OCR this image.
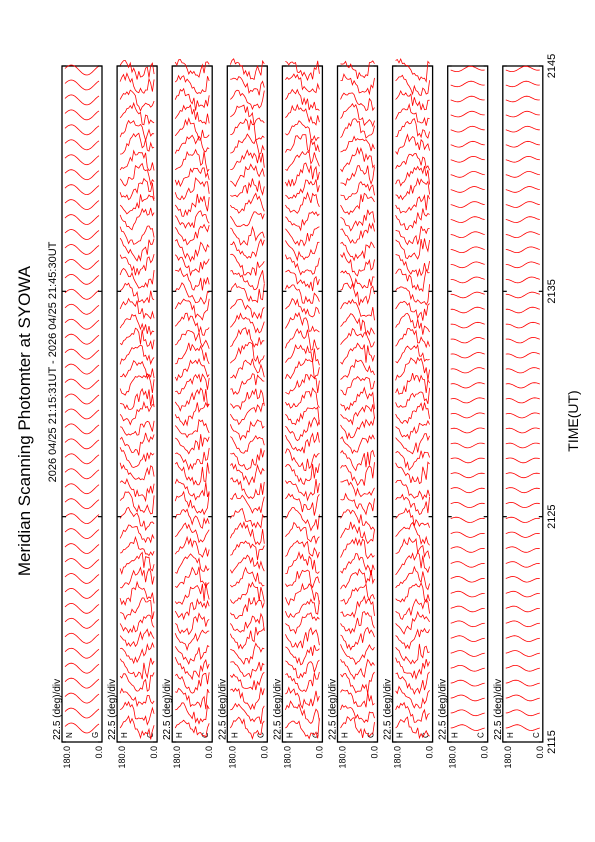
Meridian Scanning Photomter at SYOWA 2026 04/25 21:15:31UT - 2026 04/25 21:45:30UT	TIME(UT)
22.5 (deg)/div
0.0
180.0
G
N	22.5 (deg)/div
0.0
180.0
C
H	22.5 (deg)/div
0.0
180.0
C
H	22.5 (deg)/div
0.0
180.0
C
H	22.5 (deg)/div
0.0
180.0
C
H	22.5 (deg)/div
0.0
180.0
C
H	22.5 (deg)/div
0.0
180.0
C
H	22.5 (deg)/div
0.0
180.0
C
H	22.5 (deg)/div
0.0
180.0
C
H	2115
2125
2135
2145
